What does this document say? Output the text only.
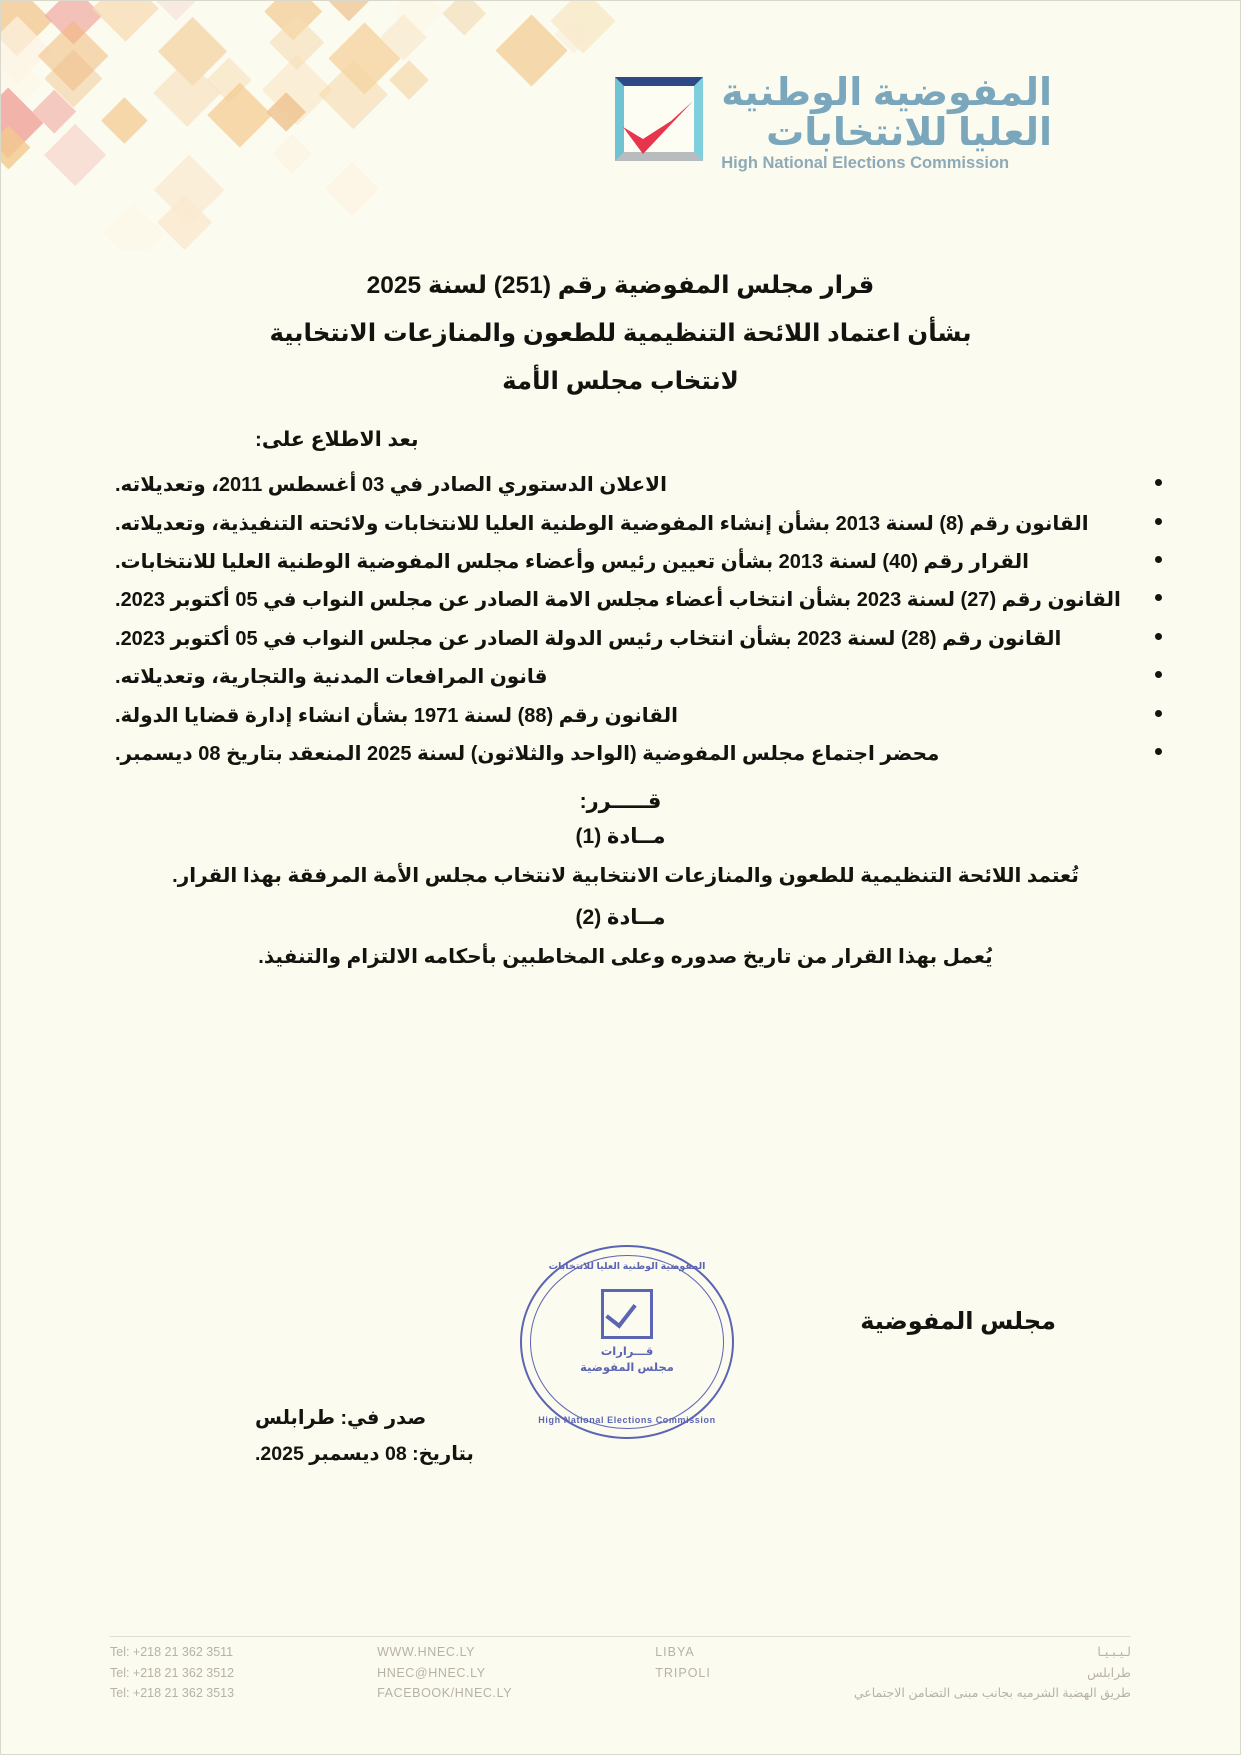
المفوضية الوطنية
العليا للانتخابات
High National Elections Commission
قرار مجلس المفوضية رقم (251) لسنة 2025
بشأن اعتماد اللائحة التنظيمية للطعون والمنازعات الانتخابية
لانتخاب مجلس الأمة
بعد الاطلاع على:
الاعلان الدستوري الصادر في 03 أغسطس 2011، وتعديلاته.
القانون رقم (8) لسنة 2013 بشأن إنشاء المفوضية الوطنية العليا للانتخابات ولائحته التنفيذية، وتعديلاته.
القرار رقم (40) لسنة 2013 بشأن تعيين رئيس وأعضاء مجلس المفوضية الوطنية العليا للانتخابات.
القانون رقم (27) لسنة 2023 بشأن انتخاب أعضاء مجلس الامة الصادر عن مجلس النواب في 05 أكتوبر 2023.
القانون رقم (28) لسنة 2023 بشأن انتخاب رئيس الدولة الصادر عن مجلس النواب في 05 أكتوبر 2023.
قانون المرافعات المدنية والتجارية، وتعديلاته.
القانون رقم (88) لسنة 1971 بشأن انشاء إدارة قضايا الدولة.
محضر اجتماع مجلس المفوضية (الواحد والثلاثون) لسنة 2025 المنعقد بتاريخ 08 ديسمبر.
قـــــرر:
مــادة (1)
تُعتمد اللائحة التنظيمية للطعون والمنازعات الانتخابية لانتخاب مجلس الأمة المرفقة بهذا القرار.
مــادة (2)
يُعمل بهذا القرار من تاريخ صدوره وعلى المخاطبين بأحكامه الالتزام والتنفيذ.
مجلس المفوضية
المفوضية الوطنية العليا للانتخابات
قـــرارات
مجلس المفوضية
High National Elections Commission
صدر في: طرابلس
بتاريخ: 08 ديسمبر 2025.
لـيـبـيـا
طرابلس
طريق الهضبة الشرميه بجانب مبنى التضامن الاجتماعي
LIBYA
TRIPOLI
WWW.HNEC.LY
HNEC@HNEC.LY
FACEBOOK/HNEC.LY
Tel: +218 21 362 3511
Tel: +218 21 362 3512
Tel: +218 21 362 3513
